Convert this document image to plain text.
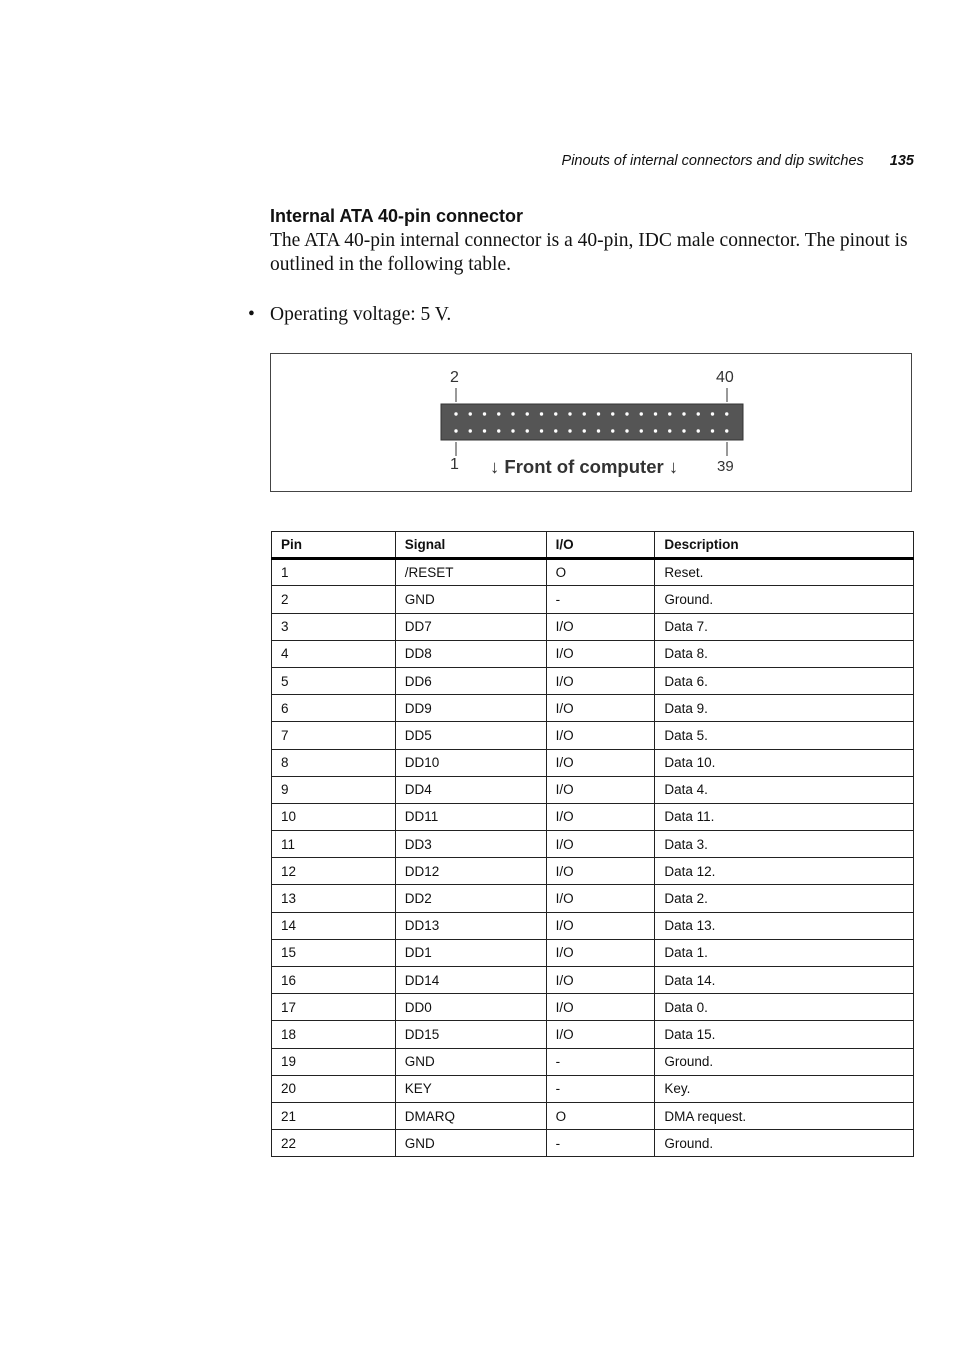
Pinouts of internal connectors and dip switches 135
Internal ATA 40-pin connector
The ATA 40-pin internal connector is a 40-pin, IDC male connector. The pinout is outlined in the following table.
• Operating voltage: 5 V.
2	40
1	39
↓ Front of computer ↓
Pin	Signal	I/O	Description
1	/RESET	O	Reset.
2	GND	-	Ground.
3	DD7	I/O	Data 7.
4	DD8	I/O	Data 8.
5	DD6	I/O	Data 6.
6	DD9	I/O	Data 9.
7	DD5	I/O	Data 5.
8	DD10	I/O	Data 10.
9	DD4	I/O	Data 4.
10	DD11	I/O	Data 11.
11	DD3	I/O	Data 3.
12	DD12	I/O	Data 12.
13	DD2	I/O	Data 2.
14	DD13	I/O	Data 13.
15	DD1	I/O	Data 1.
16	DD14	I/O	Data 14.
17	DD0	I/O	Data 0.
18	DD15	I/O	Data 15.
19	GND	-	Ground.
20	KEY	-	Key.
21	DMARQ	O	DMA request.
22	GND	-	Ground.
